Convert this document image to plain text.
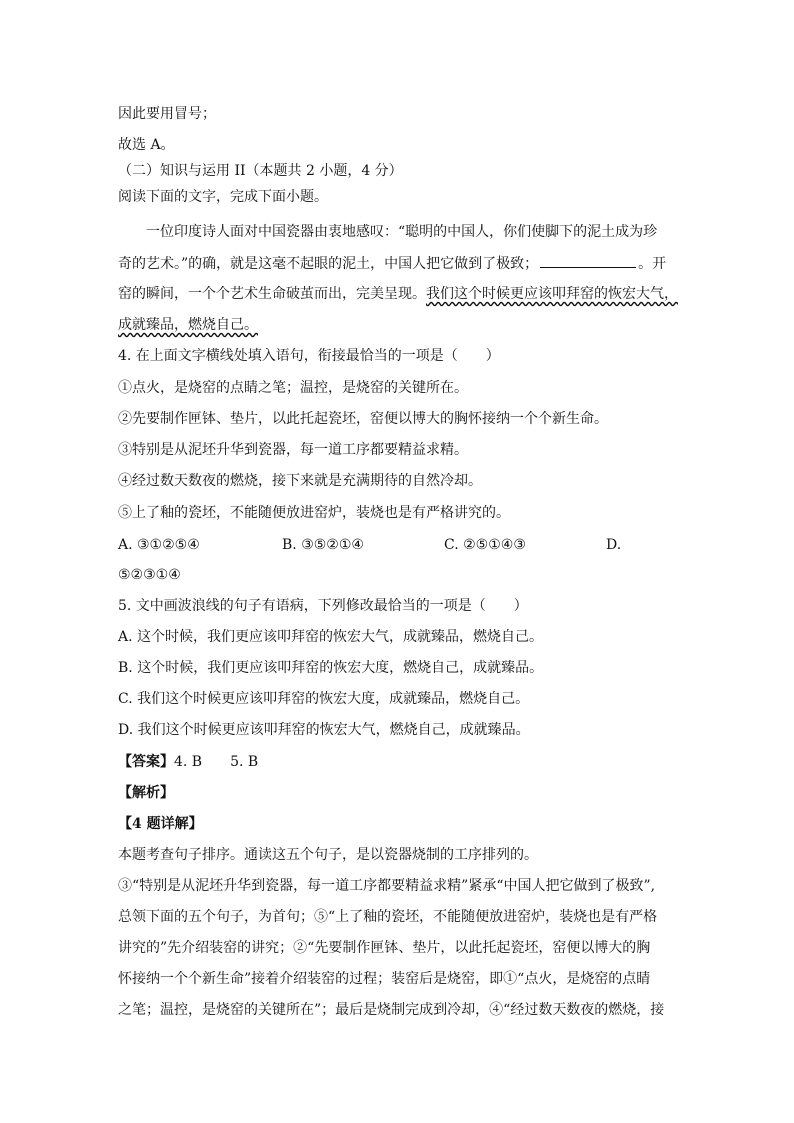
因此要用冒号；
故选 A。
（二）知识与运用 II（本题共 2 小题，4 分）
阅读下面的文字，完成下面小题。
一位印度诗人面对中国瓷器由衷地感叹：“聪明的中国人，你们使脚下的泥土成为珍
奇的艺术。”的确，就是这毫不起眼的泥土，中国人把它做到了极致；	。开
窑的瞬间，一个个艺术生命破茧而出，完美呈现。我们这个时候更应该叩拜窑的恢宏大气，
成就臻品，燃烧自己。
4. 在上面文字横线处填入语句，衔接最恰当的一项是（　　）
①点火，是烧窑的点睛之笔；温控，是烧窑的关键所在。
②先要制作匣钵、垫片，以此托起瓷坯，窑便以博大的胸怀接纳一个个新生命。
③特别是从泥坯升华到瓷器，每一道工序都要精益求精。
④经过数天数夜的燃烧，接下来就是充满期待的自然冷却。
⑤上了釉的瓷坯，不能随便放进窑炉，装烧也是有严格讲究的。
A. ③①②⑤④	B. ③⑤②①④	C. ②⑤①④③	D.
⑤②③①④
5. 文中画波浪线的句子有语病，下列修改最恰当的一项是（　　）
A. 这个时候，我们更应该叩拜窑的恢宏大气，成就臻品，燃烧自己。
B. 这个时候，我们更应该叩拜窑的恢宏大度，燃烧自己，成就臻品。
C. 我们这个时候更应该叩拜窑的恢宏大度，成就臻品，燃烧自己。
D. 我们这个时候更应该叩拜窑的恢宏大气，燃烧自己，成就臻品。
【答案】4. B　　5. B
【解析】
【4 题详解】
本题考查句子排序。通读这五个句子，是以瓷器烧制的工序排列的。
③“特别是从泥坯升华到瓷器，每一道工序都要精益求精”紧承“中国人把它做到了极致”,
总领下面的五个句子，为首句；⑤“上了釉的瓷坯，不能随便放进窑炉，装烧也是有严格
讲究的”先介绍装窑的讲究；②“先要制作匣钵、垫片，以此托起瓷坯，窑便以博大的胸
怀接纳一个个新生命”接着介绍装窑的过程；装窑后是烧窑，即①“点火，是烧窑的点睛
之笔；温控，是烧窑的关键所在”；最后是烧制完成到冷却，④“经过数天数夜的燃烧，接
